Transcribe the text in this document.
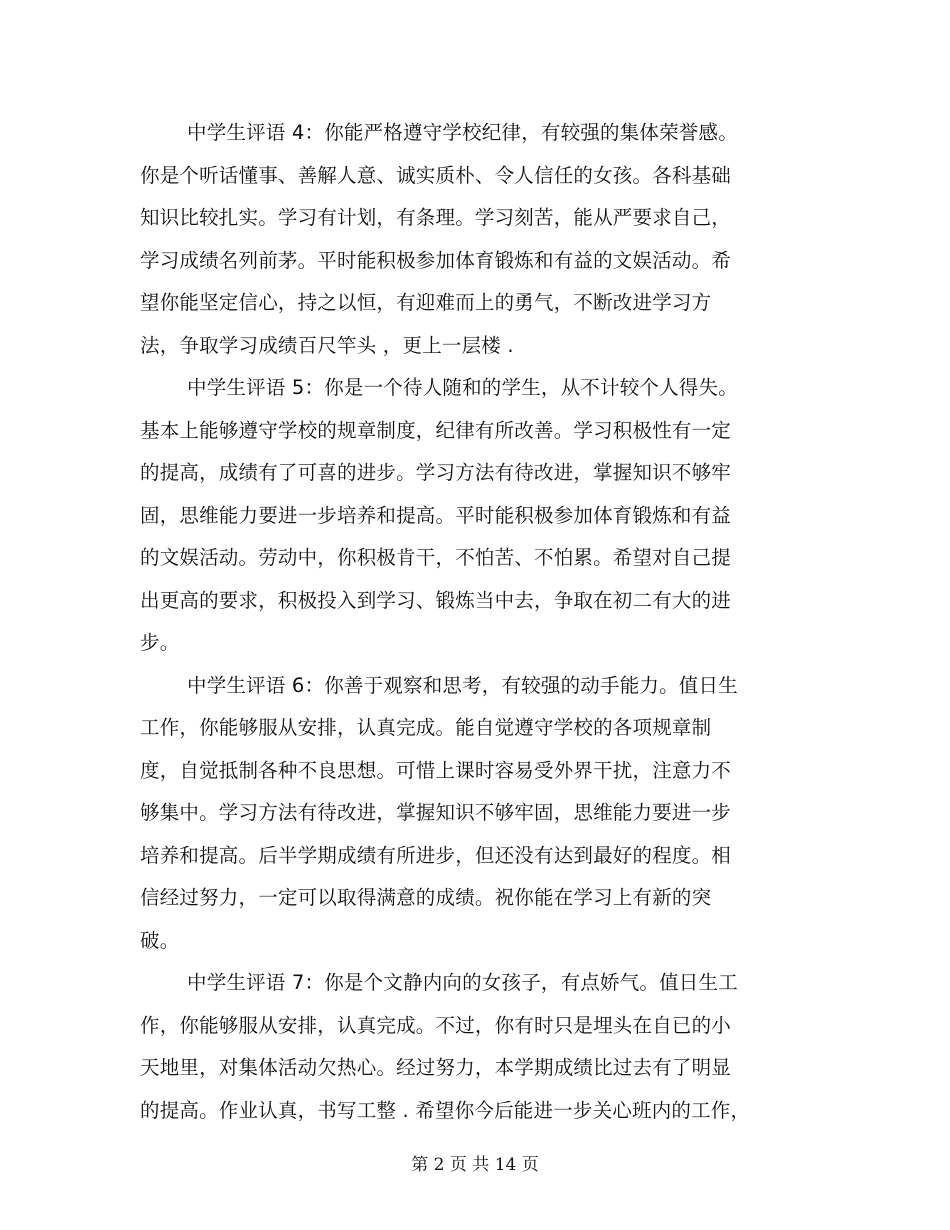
中学生评语 4：你能严格遵守学校纪律，有较强的集体荣誉感。
你是个听话懂事、善解人意、诚实质朴、令人信任的女孩。各科基础
知识比较扎实。学习有计划，有条理。学习刻苦，能从严要求自己，
学习成绩名列前茅。平时能积极参加体育锻炼和有益的文娱活动。希
望你能坚定信心，持之以恒，有迎难而上的勇气，不断改进学习方
法，争取学习成绩百尺竿头 ，更上一层楼 .
中学生评语 5：你是一个待人随和的学生，从不计较个人得失。
基本上能够遵守学校的规章制度，纪律有所改善。学习积极性有一定
的提高，成绩有了可喜的进步。学习方法有待改进，掌握知识不够牢
固，思维能力要进一步培养和提高。平时能积极参加体育锻炼和有益
的文娱活动。劳动中，你积极肯干，不怕苦、不怕累。希望对自己提
出更高的要求，积极投入到学习、锻炼当中去，争取在初二有大的进
步。
中学生评语 6：你善于观察和思考，有较强的动手能力。值日生
工作，你能够服从安排，认真完成。能自觉遵守学校的各项规章制
度，自觉抵制各种不良思想。可惜上课时容易受外界干扰，注意力不
够集中。学习方法有待改进，掌握知识不够牢固，思维能力要进一步
培养和提高。后半学期成绩有所进步，但还没有达到最好的程度。相
信经过努力，一定可以取得满意的成绩。祝你能在学习上有新的突
破。
中学生评语 7：你是个文静内向的女孩子，有点娇气。值日生工
作，你能够服从安排，认真完成。不过，你有时只是埋头在自已的小
天地里，对集体活动欠热心。经过努力，本学期成绩比过去有了明显
的提高。作业认真，书写工整 . 希望你今后能进一步关心班内的工作，
第 2 页 共 14 页
